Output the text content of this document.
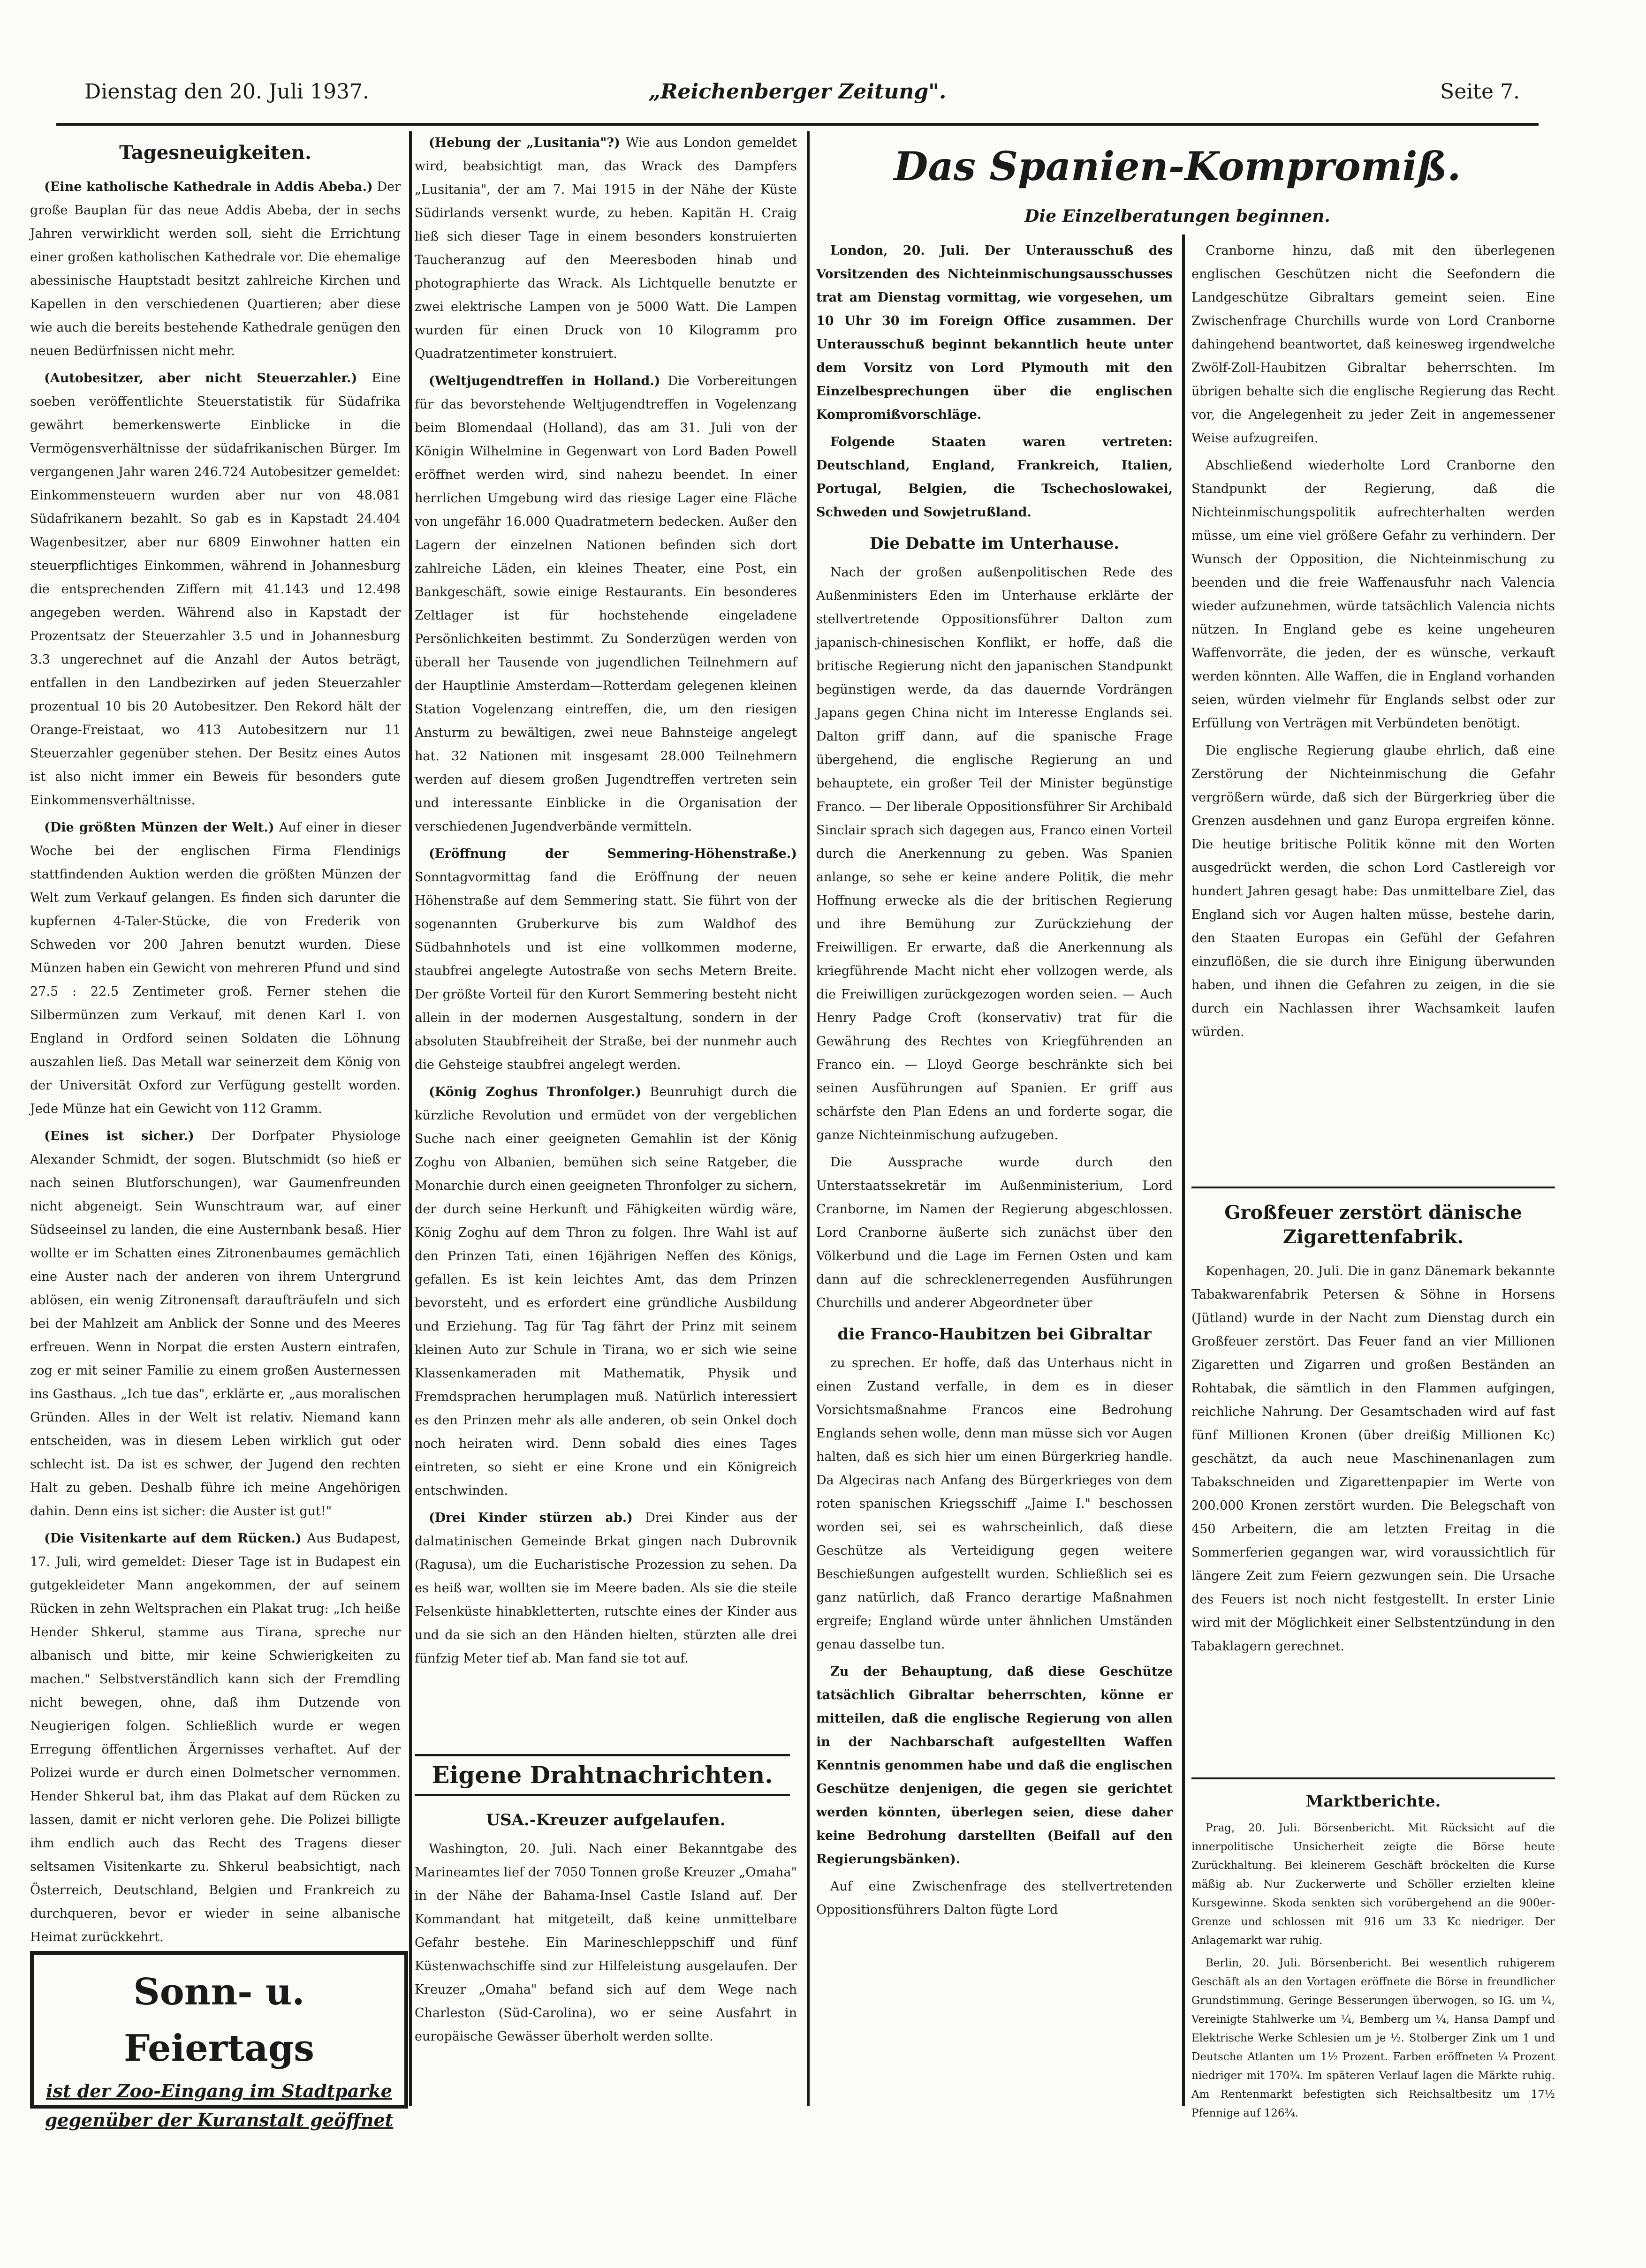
Dienstag den 20. Juli 1937.	„Reichenberger Zeitung".	Seite 7.
Tagesneuigkeiten.

(Eine katholische Kathedrale in Addis Abeba.) Der große Bauplan für das neue Addis Abeba, der in sechs Jahren verwirklicht werden soll, sieht die Errichtung einer großen katholischen Kathedrale vor. Die ehemalige abessinische Hauptstadt besitzt zahlreiche Kirchen und Kapellen in den verschiedenen Quartieren; aber diese wie auch die bereits bestehende Kathedrale genügen den neuen Bedürfnissen nicht mehr.

(Autobesitzer, aber nicht Steuerzahler.) Eine soeben veröffentlichte Steuerstatistik für Südafrika gewährt bemerkenswerte Einblicke in die Vermögensverhältnisse der südafrikanischen Bürger. Im vergangenen Jahr waren 246.724 Autobesitzer gemeldet: Einkommensteuern wurden aber nur von 48.081 Südafrikanern bezahlt. So gab es in Kapstadt 24.404 Wagenbesitzer, aber nur 6809 Einwohner hatten ein steuerpflichtiges Einkommen, während in Johannesburg die entsprechenden Ziffern mit 41.143 und 12.498 angegeben werden. Während also in Kapstadt der Prozentsatz der Steuerzahler 3.5 und in Johannesburg 3.3 ungerechnet auf die Anzahl der Autos beträgt, entfallen in den Landbezirken auf jeden Steuerzahler prozentual 10 bis 20 Autobesitzer. Den Rekord hält der Orange-Freistaat, wo 413 Autobesitzern nur 11 Steuerzahler gegenüber stehen. Der Besitz eines Autos ist also nicht immer ein Beweis für besonders gute Einkommensverhältnisse.

(Die größten Münzen der Welt.) Auf einer in dieser Woche bei der englischen Firma Flendinigs stattfindenden Auktion werden die größten Münzen der Welt zum Verkauf gelangen. Es finden sich darunter die kupfernen 4-Taler-Stücke, die von Frederik von Schweden vor 200 Jahren benutzt wurden. Diese Münzen haben ein Gewicht von mehreren Pfund und sind 27.5 : 22.5 Zentimeter groß. Ferner stehen die Silbermünzen zum Verkauf, mit denen Karl I. von England in Ordford seinen Soldaten die Löhnung auszahlen ließ. Das Metall war seinerzeit dem König von der Universität Oxford zur Verfügung gestellt worden. Jede Münze hat ein Gewicht von 112 Gramm.

(Eines ist sicher.) Der Dorfpater Physiologe Alexander Schmidt, der sogen. Blutschmidt (so hieß er nach seinen Blutforschungen), war Gaumenfreunden nicht abgeneigt. Sein Wunschtraum war, auf einer Südseeinsel zu landen, die eine Austernbank besaß. Hier wollte er im Schatten eines Zitronenbaumes gemächlich eine Auster nach der anderen von ihrem Untergrund ablösen, ein wenig Zitronensaft daraufträufeln und sich bei der Mahlzeit am Anblick der Sonne und des Meeres erfreuen. Wenn in Norpat die ersten Austern eintrafen, zog er mit seiner Familie zu einem großen Austernessen ins Gasthaus. „Ich tue das", erklärte er, „aus moralischen Gründen. Alles in der Welt ist relativ. Niemand kann entscheiden, was in diesem Leben wirklich gut oder schlecht ist. Da ist es schwer, der Jugend den rechten Halt zu geben. Deshalb führe ich meine Angehörigen dahin. Denn eins ist sicher: die Auster ist gut!"

(Die Visitenkarte auf dem Rücken.) Aus Budapest, 17. Juli, wird gemeldet: Dieser Tage ist in Budapest ein gutgekleideter Mann angekommen, der auf seinem Rücken in zehn Weltsprachen ein Plakat trug: „Ich heiße Hender Shkerul, stamme aus Tirana, spreche nur albanisch und bitte, mir keine Schwierigkeiten zu machen." Selbstverständlich kann sich der Fremdling nicht bewegen, ohne, daß ihm Dutzende von Neugierigen folgen. Schließlich wurde er wegen Erregung öffentlichen Ärgernisses verhaftet. Auf der Polizei wurde er durch einen Dolmetscher vernommen. Hender Shkerul bat, ihm das Plakat auf dem Rücken zu lassen, damit er nicht verloren gehe. Die Polizei billigte ihm endlich auch das Recht des Tragens dieser seltsamen Visitenkarte zu. Shkerul beabsichtigt, nach Österreich, Deutschland, Belgien und Frankreich zu durchqueren, bevor er wieder in seine albanische Heimat zurückkehrt.

Sonn- u. Feiertags
ist der Zoo-Eingang im Stadtparke
gegenüber der Kuranstalt geöffnet

(Hebung der „Lusitania"?) Wie aus London gemeldet wird, beabsichtigt man, das Wrack des Dampfers „Lusitania", der am 7. Mai 1915 in der Nähe der Küste Südirlands versenkt wurde, zu heben. Kapitän H. Craig ließ sich dieser Tage in einem besonders konstruierten Taucheranzug auf den Meeresboden hinab und photographierte das Wrack. Als Lichtquelle benutzte er zwei elektrische Lampen von je 5000 Watt. Die Lampen wurden für einen Druck von 10 Kilogramm pro Quadratzentimeter konstruiert.

(Weltjugendtreffen in Holland.) Die Vorbereitungen für das bevorstehende Weltjugendtreffen in Vogelenzang beim Blomendaal (Holland), das am 31. Juli von der Königin Wilhelmine in Gegenwart von Lord Baden Powell eröffnet werden wird, sind nahezu beendet. In einer herrlichen Umgebung wird das riesige Lager eine Fläche von ungefähr 16.000 Quadratmetern bedecken. Außer den Lagern der einzelnen Nationen befinden sich dort zahlreiche Läden, ein kleines Theater, eine Post, ein Bankgeschäft, sowie einige Restaurants. Ein besonderes Zeltlager ist für hochstehende eingeladene Persönlichkeiten bestimmt. Zu Sonderzügen werden von überall her Tausende von jugendlichen Teilnehmern auf der Hauptlinie Amsterdam—Rotterdam gelegenen kleinen Station Vogelenzang eintreffen, die, um den riesigen Ansturm zu bewältigen, zwei neue Bahnsteige angelegt hat. 32 Nationen mit insgesamt 28.000 Teilnehmern werden auf diesem großen Jugendtreffen vertreten sein und interessante Einblicke in die Organisation der verschiedenen Jugendverbände vermitteln.

(Eröffnung der Semmering-Höhenstraße.) Sonntagvormittag fand die Eröffnung der neuen Höhenstraße auf dem Semmering statt. Sie führt von der sogenannten Gruberkurve bis zum Waldhof des Südbahnhotels und ist eine vollkommen moderne, staubfrei angelegte Autostraße von sechs Metern Breite. Der größte Vorteil für den Kurort Semmering besteht nicht allein in der modernen Ausgestaltung, sondern in der absoluten Staubfreiheit der Straße, bei der nunmehr auch die Gehsteige staubfrei angelegt werden.

(König Zoghus Thronfolger.) Beunruhigt durch die kürzliche Revolution und ermüdet von der vergeblichen Suche nach einer geeigneten Gemahlin ist der König Zoghu von Albanien, bemühen sich seine Ratgeber, die Monarchie durch einen geeigneten Thronfolger zu sichern, der durch seine Herkunft und Fähigkeiten würdig wäre, König Zoghu auf dem Thron zu folgen. Ihre Wahl ist auf den Prinzen Tati, einen 16jährigen Neffen des Königs, gefallen. Es ist kein leichtes Amt, das dem Prinzen bevorsteht, und es erfordert eine gründliche Ausbildung und Erziehung. Tag für Tag fährt der Prinz mit seinem kleinen Auto zur Schule in Tirana, wo er sich wie seine Klassenkameraden mit Mathematik, Physik und Fremdsprachen herumplagen muß. Natürlich interessiert es den Prinzen mehr als alle anderen, ob sein Onkel doch noch heiraten wird. Denn sobald dies eines Tages eintreten, so sieht er eine Krone und ein Königreich entschwinden.

(Drei Kinder stürzen ab.) Drei Kinder aus der dalmatinischen Gemeinde Brkat gingen nach Dubrovnik (Ragusa), um die Eucharistische Prozession zu sehen. Da es heiß war, wollten sie im Meere baden. Als sie die steile Felsenküste hinabkletterten, rutschte eines der Kinder aus und da sie sich an den Händen hielten, stürzten alle drei fünfzig Meter tief ab. Man fand sie tot auf.

Eigene Drahtnachrichten.
USA.-Kreuzer aufgelaufen.

Washington, 20. Juli. Nach einer Bekanntgabe des Marineamtes lief der 7050 Tonnen große Kreuzer „Omaha" in der Nähe der Bahama-Insel Castle Island auf. Der Kommandant hat mitgeteilt, daß keine unmittelbare Gefahr bestehe. Ein Marineschleppschiff und fünf Küstenwachschiffe sind zur Hilfeleistung ausgelaufen. Der Kreuzer „Omaha" befand sich auf dem Wege nach Charleston (Süd-Carolina), wo er seine Ausfahrt in europäische Gewässer überholt werden sollte.

Das Spanien-Kompromiß.
Die Einzelberatungen beginnen.

London, 20. Juli. Der Unterausschuß des Vorsitzenden des Nichteinmischungsausschusses trat am Dienstag vormittag, wie vorgesehen, um 10 Uhr 30 im Foreign Office zusammen. Der Unterausschuß beginnt bekanntlich heute unter dem Vorsitz von Lord Plymouth mit den Einzelbesprechungen über die englischen Kompromißvorschläge.

Folgende Staaten waren vertreten: Deutschland, England, Frankreich, Italien, Portugal, Belgien, die Tschechoslowakei, Schweden und Sowjetrußland.

Die Debatte im Unterhause.

Nach der großen außenpolitischen Rede des Außenministers Eden im Unterhause erklärte der stellvertretende Oppositionsführer Dalton zum japanisch-chinesischen Konflikt, er hoffe, daß die britische Regierung nicht den japanischen Standpunkt begünstigen werde, da das dauernde Vordrängen Japans gegen China nicht im Interesse Englands sei. Dalton griff dann, auf die spanische Frage übergehend, die englische Regierung an und behauptete, ein großer Teil der Minister begünstige Franco. — Der liberale Oppositionsführer Sir Archibald Sinclair sprach sich dagegen aus, Franco einen Vorteil durch die Anerkennung zu geben. Was Spanien anlange, so sehe er keine andere Politik, die mehr Hoffnung erwecke als die der britischen Regierung und ihre Bemühung zur Zurückziehung der Freiwilligen. Er erwarte, daß die Anerkennung als kriegführende Macht nicht eher vollzogen werde, als die Freiwilligen zurückgezogen worden seien. — Auch Henry Padge Croft (konservativ) trat für die Gewährung des Rechtes von Kriegführenden an Franco ein. — Lloyd George beschränkte sich bei seinen Ausführungen auf Spanien. Er griff aus schärfste den Plan Edens an und forderte sogar, die ganze Nichteinmischung aufzugeben.

Die Aussprache wurde durch den Unterstaatssekretär im Außenministerium, Lord Cranborne, im Namen der Regierung abgeschlossen. Lord Cranborne äußerte sich zunächst über den Völkerbund und die Lage im Fernen Osten und kam dann auf die schrecklenerregenden Ausführungen Churchills und anderer Abgeordneter über

die Franco-Haubitzen bei Gibraltar

zu sprechen. Er hoffe, daß das Unterhaus nicht in einen Zustand verfalle, in dem es in dieser Vorsichtsmaßnahme Francos eine Bedrohung Englands sehen wolle, denn man müsse sich vor Augen halten, daß es sich hier um einen Bürgerkrieg handle. Da Algeciras nach Anfang des Bürgerkrieges von dem roten spanischen Kriegsschiff „Jaime I." beschossen worden sei, sei es wahrscheinlich, daß diese Geschütze als Verteidigung gegen weitere Beschießungen aufgestellt wurden. Schließlich sei es ganz natürlich, daß Franco derartige Maßnahmen ergreife; England würde unter ähnlichen Umständen genau dasselbe tun.

Zu der Behauptung, daß diese Geschütze tatsächlich Gibraltar beherrschten, könne er mitteilen, daß die englische Regierung von allen in der Nachbarschaft aufgestellten Waffen Kenntnis genommen habe und daß die englischen Geschütze denjenigen, die gegen sie gerichtet werden könnten, überlegen seien, diese daher keine Bedrohung darstellten (Beifall auf den Regierungsbänken).

Auf eine Zwischenfrage des stellvertretenden Oppositionsführers Dalton fügte Lord

Cranborne hinzu, daß mit den überlegenen englischen Geschützen nicht die Seefondern die Landgeschütze Gibraltars gemeint seien. Eine Zwischenfrage Churchills wurde von Lord Cranborne dahingehend beantwortet, daß keinesweg irgendwelche Zwölf-Zoll-Haubitzen Gibraltar beherrschten. Im übrigen behalte sich die englische Regierung das Recht vor, die Angelegenheit zu jeder Zeit in angemessener Weise aufzugreifen.

Abschließend wiederholte Lord Cranborne den Standpunkt der Regierung, daß die Nichteinmischungspolitik aufrechterhalten werden müsse, um eine viel größere Gefahr zu verhindern. Der Wunsch der Opposition, die Nichteinmischung zu beenden und die freie Waffenausfuhr nach Valencia wieder aufzunehmen, würde tatsächlich Valencia nichts nützen. In England gebe es keine ungeheuren Waffenvorräte, die jeden, der es wünsche, verkauft werden könnten. Alle Waffen, die in England vorhanden seien, würden vielmehr für Englands selbst oder zur Erfüllung von Verträgen mit Verbündeten benötigt.

Die englische Regierung glaube ehrlich, daß eine Zerstörung der Nichteinmischung die Gefahr vergrößern würde, daß sich der Bürgerkrieg über die Grenzen ausdehnen und ganz Europa ergreifen könne. Die heutige britische Politik könne mit den Worten ausgedrückt werden, die schon Lord Castlereigh vor hundert Jahren gesagt habe: Das unmittelbare Ziel, das England sich vor Augen halten müsse, bestehe darin, den Staaten Europas ein Gefühl der Gefahren einzuflößen, die sie durch ihre Einigung überwunden haben, und ihnen die Gefahren zu zeigen, in die sie durch ein Nachlassen ihrer Wachsamkeit laufen würden.

Großfeuer zerstört dänische Zigarettenfabrik.

Kopenhagen, 20. Juli. Die in ganz Dänemark bekannte Tabakwarenfabrik Petersen & Söhne in Horsens (Jütland) wurde in der Nacht zum Dienstag durch ein Großfeuer zerstört. Das Feuer fand an vier Millionen Zigaretten und Zigarren und großen Beständen an Rohtabak, die sämtlich in den Flammen aufgingen, reichliche Nahrung. Der Gesamtschaden wird auf fast fünf Millionen Kronen (über dreißig Millionen Kc) geschätzt, da auch neue Maschinenanlagen zum Tabakschneiden und Zigarettenpapier im Werte von 200.000 Kronen zerstört wurden. Die Belegschaft von 450 Arbeitern, die am letzten Freitag in die Sommerferien gegangen war, wird voraussichtlich für längere Zeit zum Feiern gezwungen sein. Die Ursache des Feuers ist noch nicht festgestellt. In erster Linie wird mit der Möglichkeit einer Selbstentzündung in den Tabaklagern gerechnet.

Marktberichte.

Prag, 20. Juli. Börsenbericht. Mit Rücksicht auf die innerpolitische Unsicherheit zeigte die Börse heute Zurückhaltung. Bei kleinerem Geschäft bröckelten die Kurse mäßig ab. Nur Zuckerwerte und Schöller erzielten kleine Kursgewinne. Skoda senkten sich vorübergehend an die 900er-Grenze und schlossen mit 916 um 33 Kc niedriger. Der Anlagemarkt war ruhig.

Berlin, 20. Juli. Börsenbericht. Bei wesentlich ruhigerem Geschäft als an den Vortagen eröffnete die Börse in freundlicher Grundstimmung. Geringe Besserungen überwogen, so IG. um ¼, Vereinigte Stahlwerke um ¼, Bemberg um ¼, Hansa Dampf und Elektrische Werke Schlesien um je ½. Stolberger Zink um 1 und Deutsche Atlanten um 1½ Prozent. Farben eröffneten ¼ Prozent niedriger mit 170¾. Im späteren Verlauf lagen die Märkte ruhig. Am Rentenmarkt befestigten sich Reichsaltbesitz um 17½ Pfennige auf 126¾.
